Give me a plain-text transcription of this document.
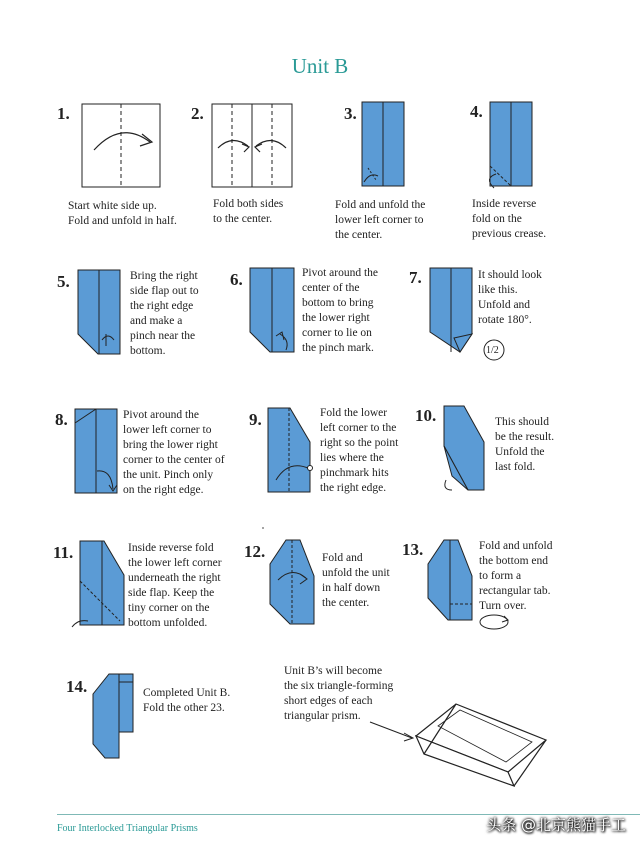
Unit B
1.
Start white side up.
Fold and unfold in half.
2.
Fold both sides
to the center.
3.
Fold and unfold the
lower left corner to
the center.
4.
Inside reverse
fold on the
previous crease.
5.	Bring the right
side flap out to
the right edge
and make a
pinch near the
bottom.
6.	Pivot around the
center of the
bottom to bring
the lower right
corner to lie on
the pinch mark.
7.
1/2
It should look
like this.
Unfold and
rotate 180°.
8.	Pivot around the
lower left corner to
bring the lower right
corner to the center of
the unit. Pinch only
on the right edge.
9.	Fold the lower
left corner to the
right so the point
lies where the
pinchmark hits
the right edge.
10.	This should
be the result.
Unfold the
last fold.
11.	Inside reverse fold
the lower left corner
underneath the right
side flap. Keep the
tiny corner on the
bottom unfolded.
12.	Fold and
unfold the unit
in half down
the center.
13.	Fold and unfold
the bottom end
to form a
rectangular tab.
Turn over.
14.	Completed Unit B.
Fold the other 23.
Unit B’s will become
the six triangle-forming
short edges of each
triangular prism.
Four Interlocked Triangular Prisms	头条 @北京熊猫手工
